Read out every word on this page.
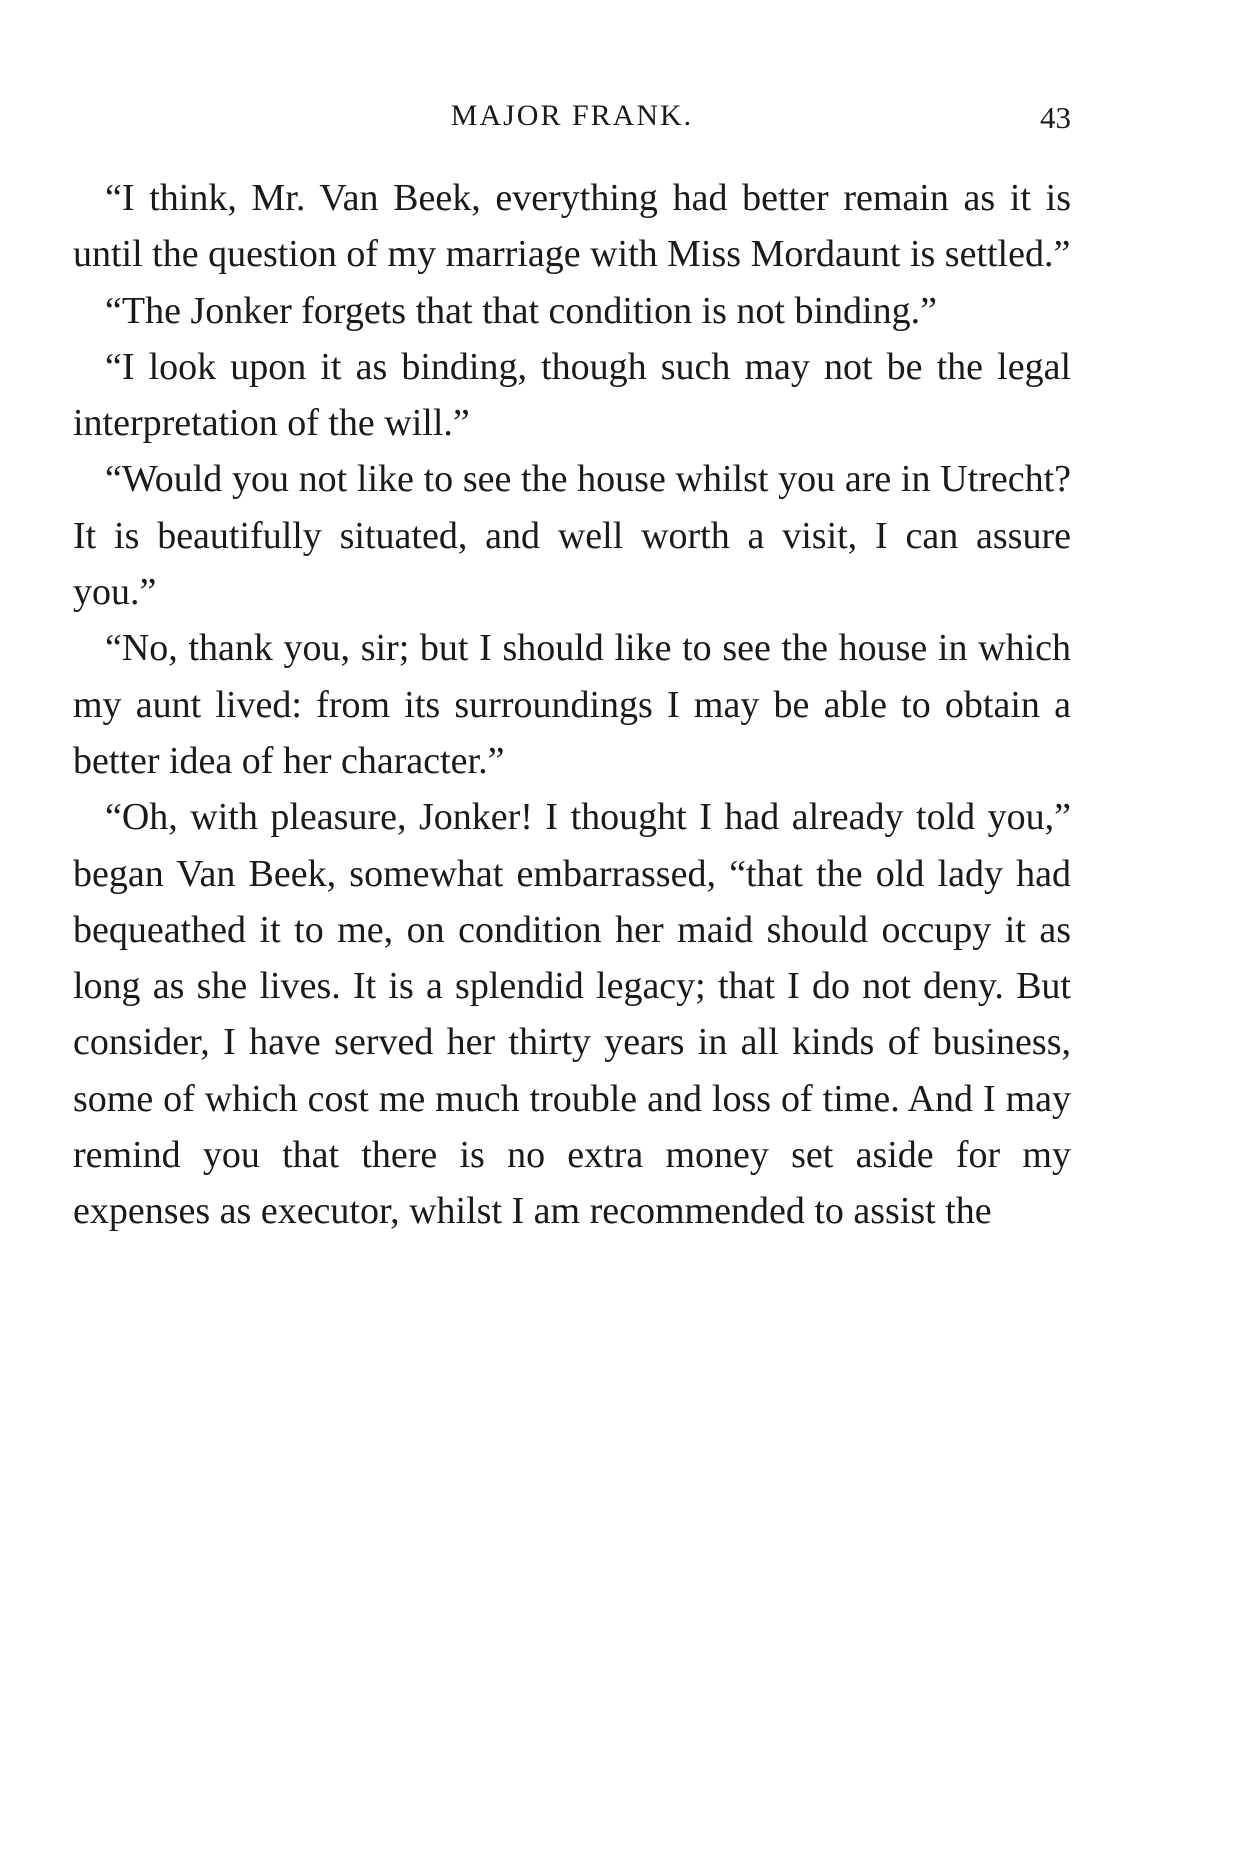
MAJOR FRANK.	43

“I think, Mr. Van Beek, everything had better remain as it is until the question of my marriage with Miss Mordaunt is settled.”

“The Jonker forgets that that condition is not binding.”

“I look upon it as binding, though such may not be the legal interpretation of the will.”

“Would you not like to see the house whilst you are in Utrecht? It is beautifully situated, and well worth a visit, I can assure you.”

“No, thank you, sir; but I should like to see the house in which my aunt lived: from its surroundings I may be able to obtain a better idea of her character.”

“Oh, with pleasure, Jonker! I thought I had already told you,” began Van Beek, somewhat embarrassed, “that the old lady had bequeathed it to me, on condition her maid should occupy it as long as she lives. It is a splendid legacy; that I do not deny. But consider, I have served her thirty years in all kinds of business, some of which cost me much trouble and loss of time. And I may remind you that there is no extra money set aside for my expenses as executor, whilst I am recommended to assist the
